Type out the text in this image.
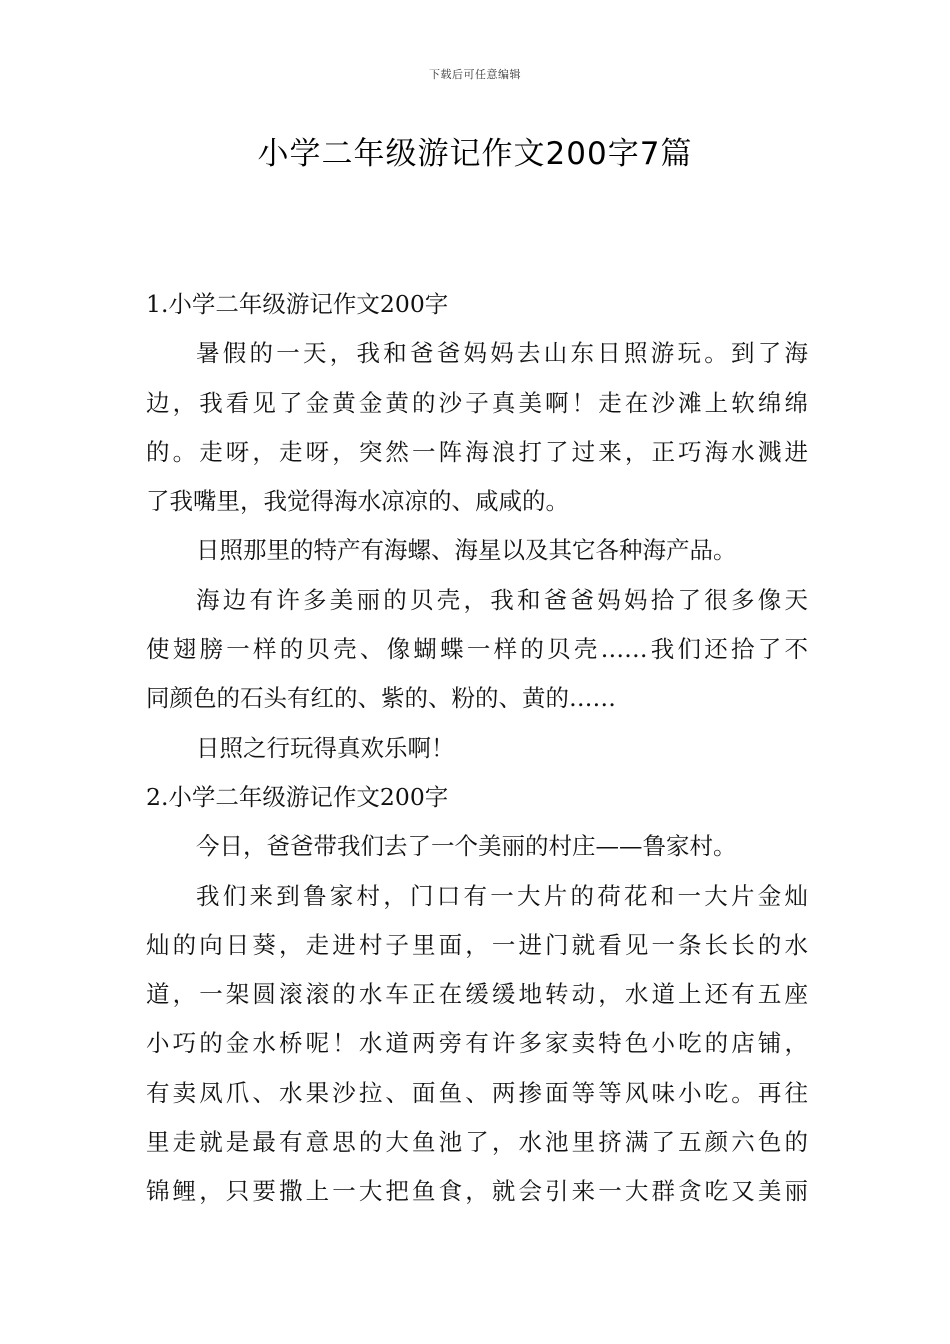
下载后可任意编辑
小学二年级游记作文200字7篇
1.小学二年级游记作文200字
暑假的一天，我和爸爸妈妈去山东日照游玩。到了海
边，我看见了金黄金黄的沙子真美啊！走在沙滩上软绵绵
的。走呀，走呀，突然一阵海浪打了过来，正巧海水溅进
了我嘴里，我觉得海水凉凉的、咸咸的。
日照那里的特产有海螺、海星以及其它各种海产品。
海边有许多美丽的贝壳，我和爸爸妈妈拾了很多像天
使翅膀一样的贝壳、像蝴蝶一样的贝壳……我们还拾了不
同颜色的石头有红的、紫的、粉的、黄的……
日照之行玩得真欢乐啊！
2.小学二年级游记作文200字
今日，爸爸带我们去了一个美丽的村庄——鲁家村。
我们来到鲁家村，门口有一大片的荷花和一大片金灿
灿的向日葵，走进村子里面，一进门就看见一条长长的水
道，一架圆滚滚的水车正在缓缓地转动，水道上还有五座
小巧的金水桥呢！水道两旁有许多家卖特色小吃的店铺，
有卖凤爪、水果沙拉、面鱼、两掺面等等风味小吃。再往
里走就是最有意思的大鱼池了，水池里挤满了五颜六色的
锦鲤，只要撒上一大把鱼食，就会引来一大群贪吃又美丽
